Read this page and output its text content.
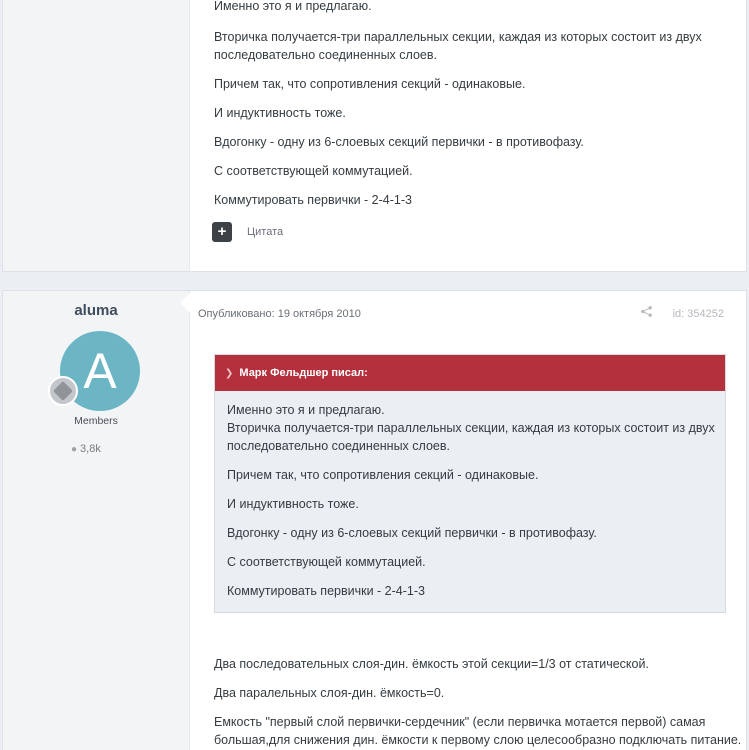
Именно это я и предлагаю.
Вторичка получается-три параллельных секции, каждая из которых состоит из двух
последовательно соединенных слоев.
Причем так, что сопротивления секций - одинаковые.
И индуктивность тоже.
Вдогонку - одну из 6-слоевых секций первички - в противофазу.
С соответствующей коммутацией.
Коммутировать первички - 2-4-1-3
+	Цитата
aluma
A
Members
● 3,8k
Опубликовано: 19 октября 2010	id: 354252
❯ Марк Фельдшер писал:
Именно это я и предлагаю.
Вторичка получается-три параллельных секции, каждая из которых состоит из двух
последовательно соединенных слоев.
Причем так, что сопротивления секций - одинаковые.
И индуктивность тоже.
Вдогонку - одну из 6-слоевых секций первички - в противофазу.
С соответствующей коммутацией.
Коммутировать первички - 2-4-1-3
Два последовательных слоя-дин. ёмкость этой секции=1/3 от статической.
Два паралельных слоя-дин. ёмкость=0.
Емкость "первый слой первички-сердечник" (если первичка мотается первой) самая
большая,для снижения дин. ёмкости к первому слою целесообразно подключать питание.
